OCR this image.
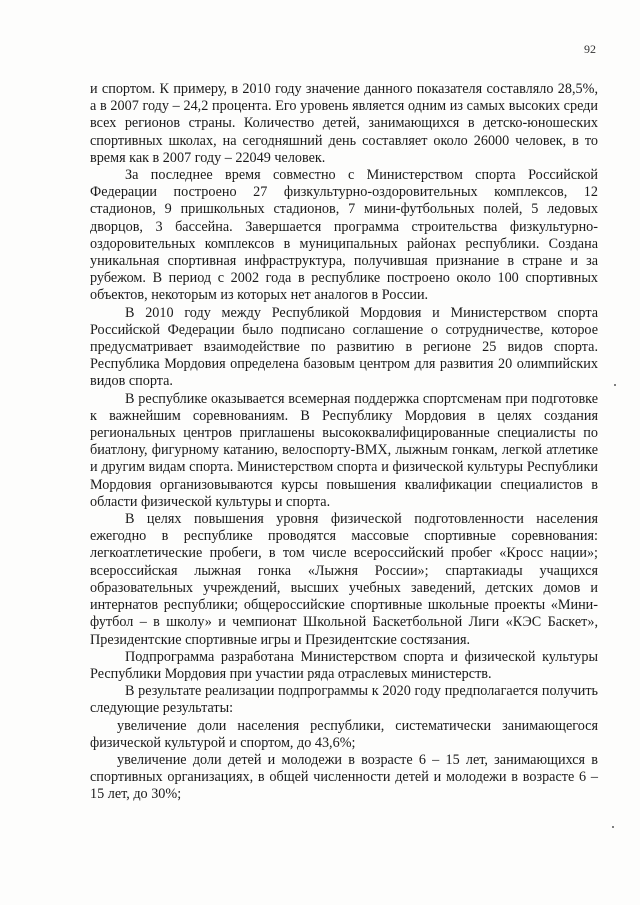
92

и спортом. К примеру, в 2010 году значение данного показателя составляло 28,5%, а в 2007 году – 24,2 процента. Его уровень является одним из самых высоких среди всех регионов страны. Количество детей, занимающихся в детско-юношеских спортивных школах, на сегодняшний день составляет около 26000 человек, в то время как в 2007 году – 22049 человек.

За последнее время совместно с Министерством спорта Российской Федерации построено 27 физкультурно-оздоровительных комплексов, 12 стадионов, 9 пришкольных стадионов, 7 мини-футбольных полей, 5 ледовых дворцов, 3 бассейна. Завершается программа строительства физкультурно-оздоровительных комплексов в муниципальных районах республики. Создана уникальная спортивная инфраструктура, получившая признание в стране и за рубежом. В период с 2002 года в республике построено около 100 спортивных объектов, некоторым из которых нет аналогов в России.

В 2010 году между Республикой Мордовия и Министерством спорта Российской Федерации было подписано соглашение о сотрудничестве, которое предусматривает взаимодействие по развитию в регионе 25 видов спорта. Республика Мордовия определена базовым центром для развития 20 олимпийских видов спорта.

В республике оказывается всемерная поддержка спортсменам при подготовке к важнейшим соревнованиям. В Республику Мордовия в целях создания региональных центров приглашены высококвалифицированные специалисты по биатлону, фигурному катанию, велоспорту-BMX, лыжным гонкам, легкой атлетике и другим видам спорта. Министерством спорта и физической культуры Республики Мордовия организовываются курсы повышения квалификации специалистов в области физической культуры и спорта.

В целях повышения уровня физической подготовленности населения ежегодно в республике проводятся массовые спортивные соревнования: легкоатлетические пробеги, в том числе всероссийский пробег «Кросс нации»; всероссийская лыжная гонка «Лыжня России»; спартакиады учащихся образовательных учреждений, высших учебных заведений, детских домов и интернатов республики; общероссийские спортивные школьные проекты «Мини-футбол – в школу» и чемпионат Школьной Баскетбольной Лиги «КЭС Баскет», Президентские спортивные игры и Президентские состязания.

Подпрограмма разработана Министерством спорта и физической культуры Республики Мордовия при участии ряда отраслевых министерств.

В результате реализации подпрограммы к 2020 году предполагается получить следующие результаты:

увеличение доли населения республики, систематически занимающегося физической культурой и спортом, до 43,6%;

увеличение доли детей и молодежи в возрасте 6 – 15 лет, занимающихся в спортивных организациях, в общей численности детей и молодежи в возрасте 6 – 15 лет, до 30%;
